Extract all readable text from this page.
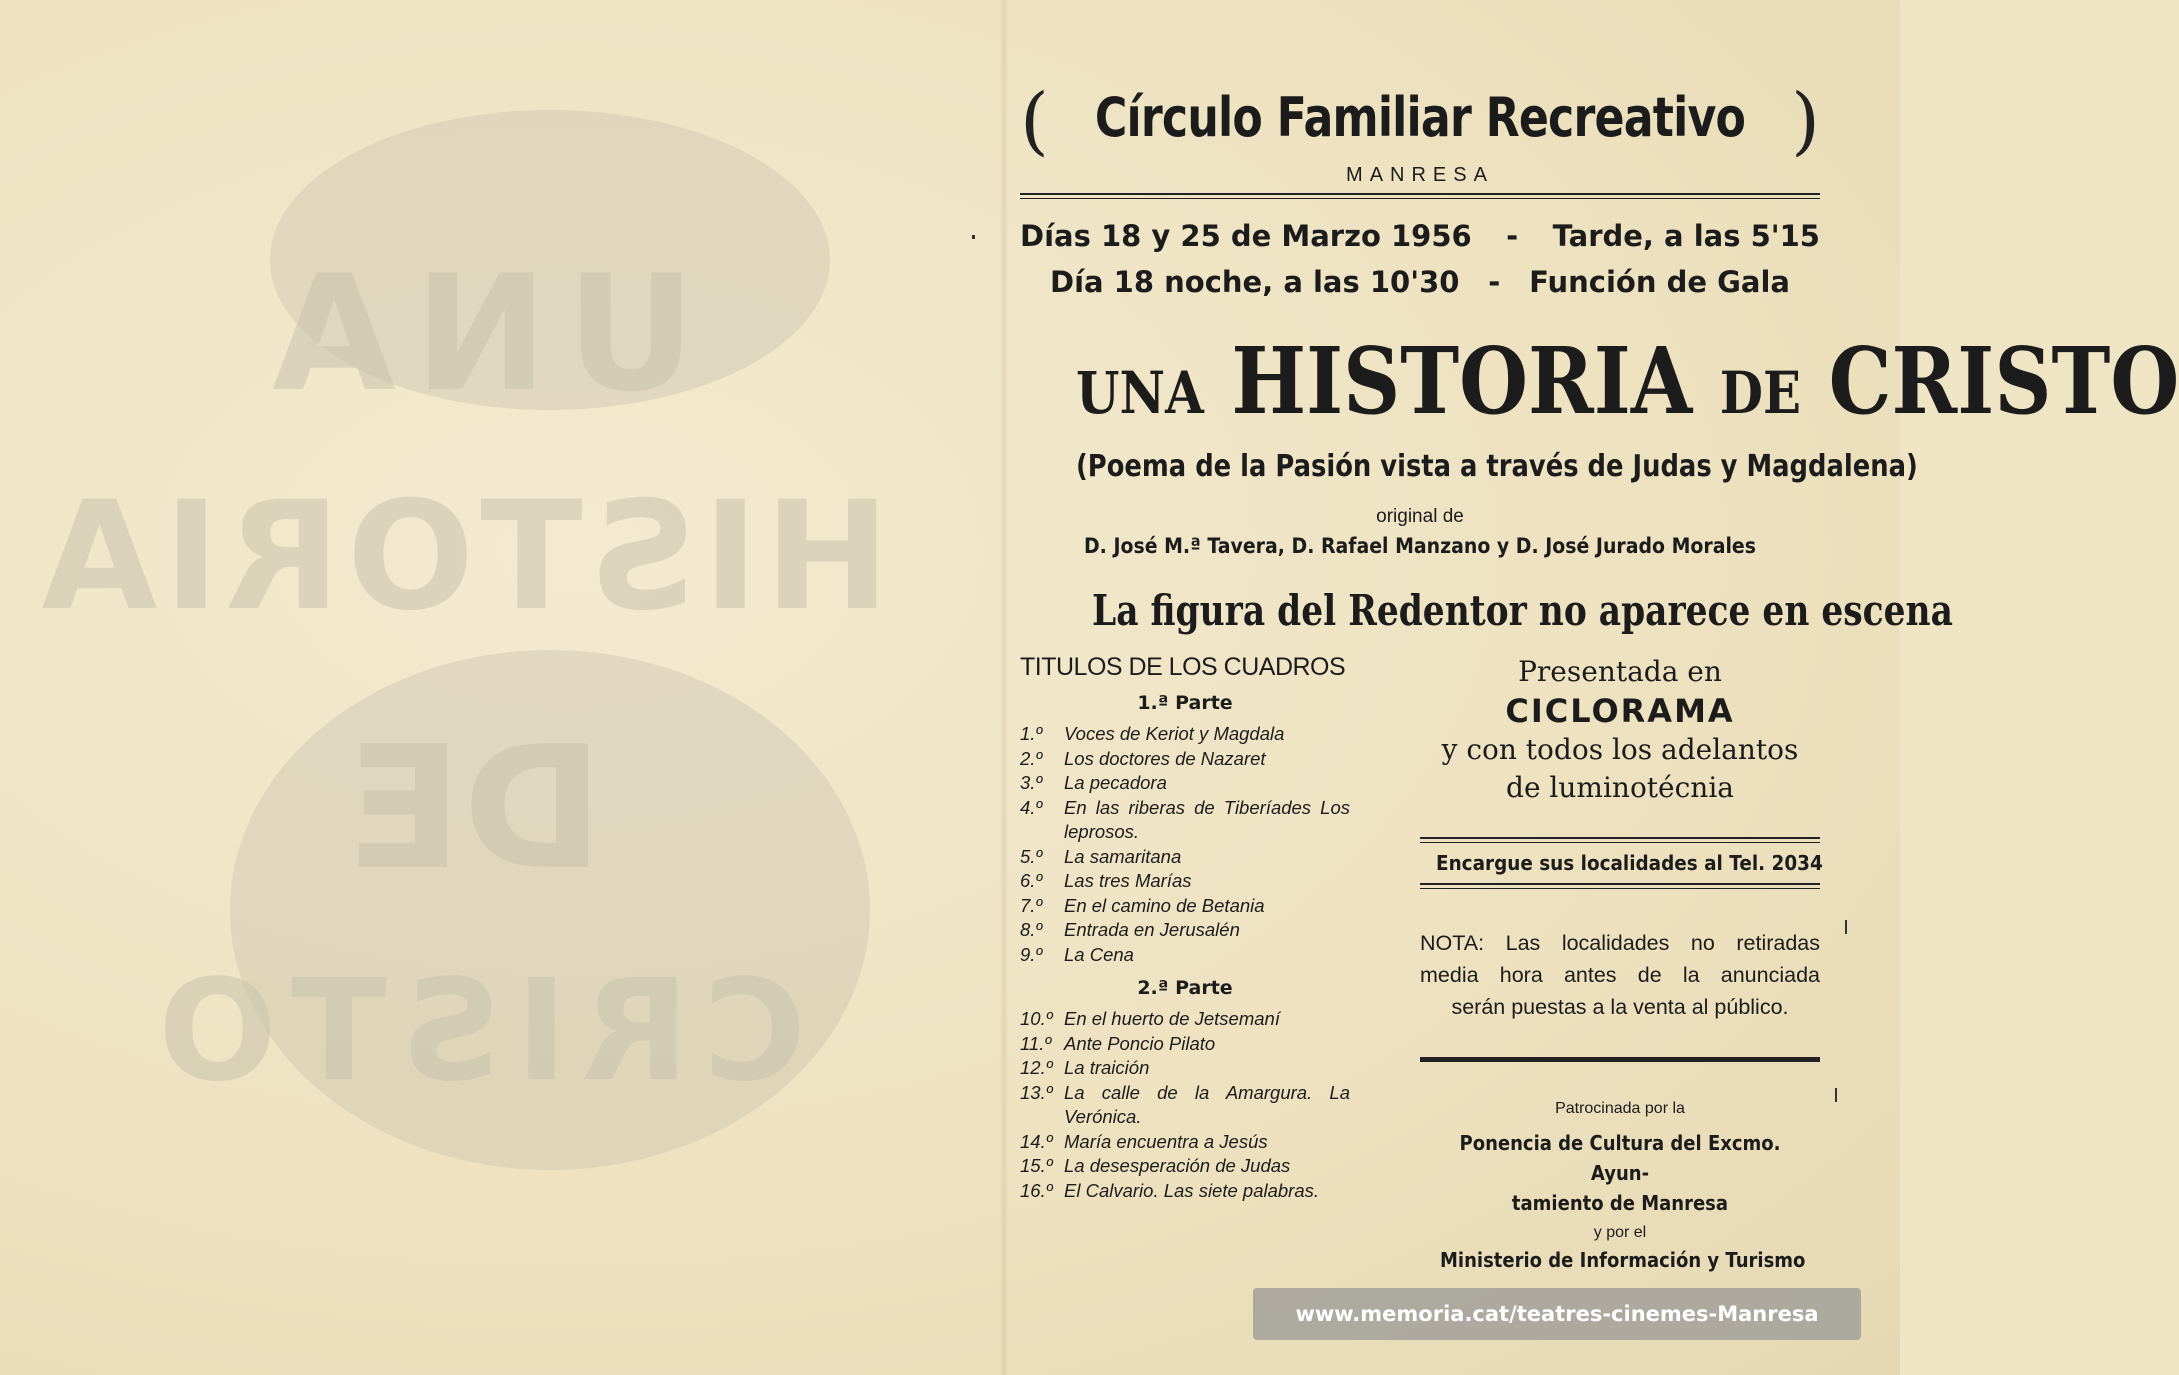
UNA
HISTORIA
DE
CRISTO
( Círculo Familiar Recreativo )
MANRESA
Días 18 y 25 de Marzo 1956 - Tarde, a las 5'15
Día 18 noche, a las 10'30 - Función de Gala
UNA HISTORIA DE CRISTO
(Poema de la Pasión vista a través de Judas y Magdalena)
original de
D. José M.ª Tavera, D. Rafael Manzano y D. José Jurado Morales
La figura del Redentor no aparece en escena
TITULOS DE LOS CUADROS
1.ª Parte
1.º	Voces de Keriot y Magdala
2.º	Los doctores de Nazaret
3.º	La pecadora
4.º	En las riberas de Tiberíades Los leprosos.
5.º	La samaritana
6.º	Las tres Marías
7.º	En el camino de Betania
8.º	Entrada en Jerusalén
9.º	La Cena
2.ª Parte
10.º En el huerto de Jetsemaní
11.º Ante Poncio Pilato
12.º La traición
13.º La calle de la Amargura. La Verónica.
14.º María encuentra a Jesús
15.º La desesperación de Judas
16.º El Calvario. Las siete palabras.
Presentada en
CICLORAMA
y con todos los adelantos
de luminotécnia
Encargue sus localidades al Tel. 2034
NOTA: Las localidades no retiradas
media hora antes de la anunciada
serán puestas a la venta al público.
Patrocinada por la
Ponencia de Cultura del Excmo. Ayun-
tamiento de Manresa
y por el
Ministerio de Información y Turismo
www.memoria.cat/teatres-cinemes-Manresa
